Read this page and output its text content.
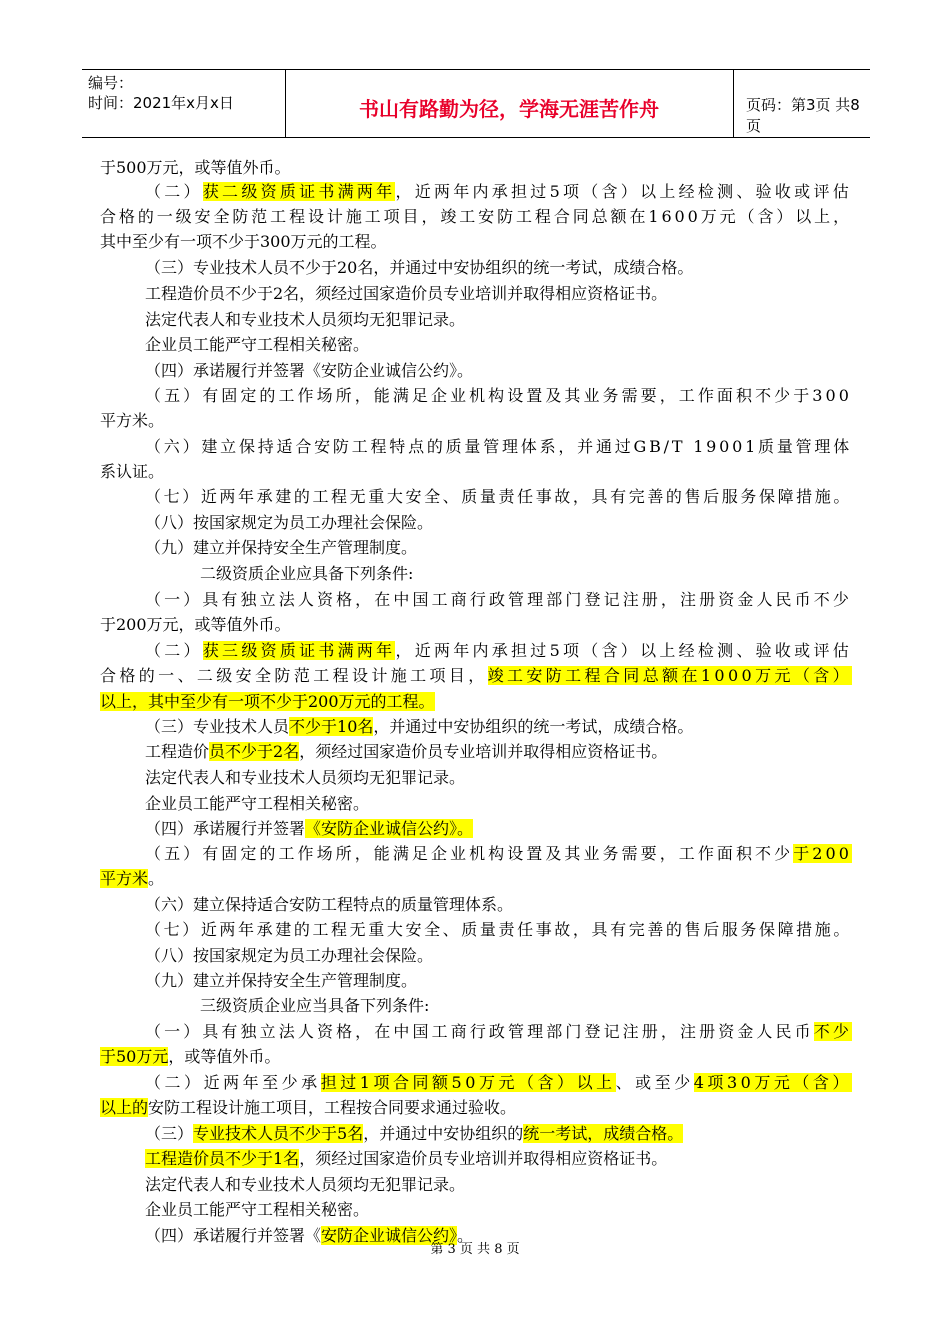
编号：
时间：2021年x月x日	书山有路勤为径，学海无涯苦作舟	页码：第3页 共8页
于500万元，或等值外币。
（二）获二级资质证书满两年，近两年内承担过5项（含）以上经检测、验收或评估
合格的一级安全防范工程设计施工项目，竣工安防工程合同总额在1600万元（含）以上，
其中至少有一项不少于300万元的工程。
（三）专业技术人员不少于20名，并通过中安协组织的统一考试，成绩合格。
工程造价员不少于2名，须经过国家造价员专业培训并取得相应资格证书。
法定代表人和专业技术人员须均无犯罪记录。
企业员工能严守工程相关秘密。
（四）承诺履行并签署《安防企业诚信公约》。
（五）有固定的工作场所，能满足企业机构设置及其业务需要，工作面积不少于300
平方米。
（六）建立保持适合安防工程特点的质量管理体系，并通过GB/T 19001质量管理体
系认证。
（七）近两年承建的工程无重大安全、质量责任事故，具有完善的售后服务保障措施。
（八）按国家规定为员工办理社会保险。
（九）建立并保持安全生产管理制度。
二级资质企业应具备下列条件:
（一）具有独立法人资格，在中国工商行政管理部门登记注册，注册资金人民币不少
于200万元，或等值外币。
（二）获三级资质证书满两年，近两年内承担过5项（含）以上经检测、验收或评估
合格的一、二级安全防范工程设计施工项目，竣工安防工程合同总额在1000万元（含）
以上，其中至少有一项不少于200万元的工程。
（三）专业技术人员不少于10名，并通过中安协组织的统一考试，成绩合格。
工程造价员不少于2名，须经过国家造价员专业培训并取得相应资格证书。
法定代表人和专业技术人员须均无犯罪记录。
企业员工能严守工程相关秘密。
（四）承诺履行并签署《安防企业诚信公约》。
（五）有固定的工作场所，能满足企业机构设置及其业务需要，工作面积不少于200
平方米。
（六）建立保持适合安防工程特点的质量管理体系。
（七）近两年承建的工程无重大安全、质量责任事故，具有完善的售后服务保障措施。
（八）按国家规定为员工办理社会保险。
（九）建立并保持安全生产管理制度。
三级资质企业应当具备下列条件:
（一）具有独立法人资格，在中国工商行政管理部门登记注册，注册资金人民币不少
于50万元，或等值外币。
（二）近两年至少承担过1项合同额50万元（含）以上、或至少4项30万元（含）
以上的安防工程设计施工项目，工程按合同要求通过验收。
（三）专业技术人员不少于5名，并通过中安协组织的统一考试，成绩合格。
工程造价员不少于1名，须经过国家造价员专业培训并取得相应资格证书。
法定代表人和专业技术人员须均无犯罪记录。
企业员工能严守工程相关秘密。
（四）承诺履行并签署《安防企业诚信公约》。
第 3 页 共 8 页
